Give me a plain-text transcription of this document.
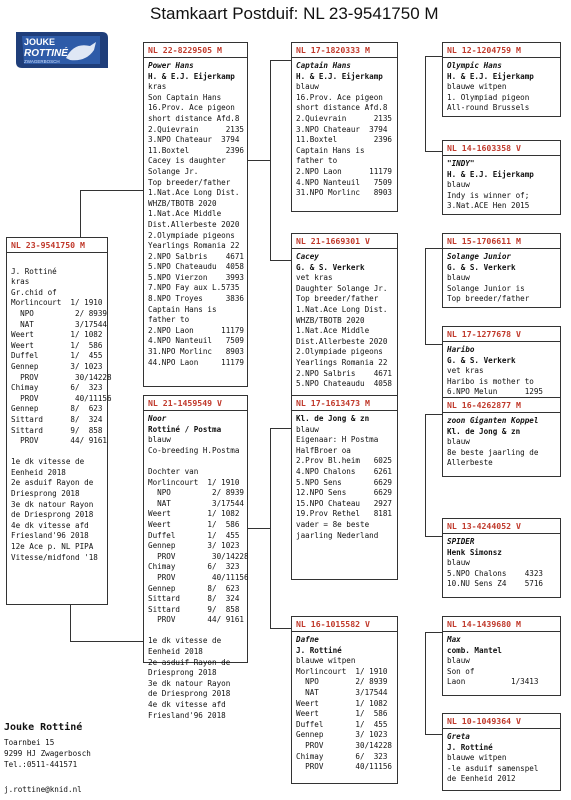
Stamkaart Postduif: NL 23-9541750 M
JOUKE
ROTTINÉ
ZWAGERBOSCH
NL 23-9541750 M

J. Rottiné
kras
Gr.chid of
Morlincourt  1/ 1910
NPO         2/ 8939
NAT         3/17544
Weert        1/ 1082
Weert        1/  586
Duffel       1/  455
Gennep       3/ 1023
PROV        30/14228
Chimay       6/  323
PROV        40/11156
Gennep       8/  623
Sittard      8/  324
Sittard      9/  858
PROV       44/ 9161

1e dk vitesse de
Eenheid 2018
2e asduif Rayon de
Driesprong 2018
3e dk natour Rayon
de Driesprong 2018
4e dk vitesse afd
Friesland'96 2018
12e Ace p. NL PIPA
Vitesse/midfond '18
NL 22-8229505 M
Power Hans
H. & E.J. Eijerkamp
kras
Son Captain Hans
16.Prov. Ace pigeon
short distance Afd.8
2.Quievrain      2135
3.NPO Chateaur  3794
11.Boxtel        2396
Cacey is daughter
Solange Jr.
Top breeder/father
1.Nat.Ace Long Dist.
WHZB/TBOTB 2020
1.Nat.Ace Middle
Dist.Allerbeste 2020
2.Olympiade pigeons
Yearlings Romania 22
2.NPO Salbris    4671
5.NPO Chateaudu  4058
5.NPO Vierzon    3993
7.NPO Fay aux L.5735
8.NPO Troyes     3836
Captain Hans is
father to
2.NPO Laon      11179
4.NPO Nanteuil   7509
31.NPO Morlinc   8903
44.NPO Laon     11179
NL 21-1459549 V
Noor
Rottiné / Postma
blauw
Co-breeding H.Postma

Dochter van
Morlincourt  1/ 1910
NPO         2/ 8939
NAT         3/17544
Weert        1/ 1082
Weert        1/  586
Duffel       1/  455
Gennep       3/ 1023
PROV        30/14228
Chimay       6/  323
PROV        40/11156
Gennep       8/  623
Sittard      8/  324
Sittard      9/  858
PROV       44/ 9161

1e dk vitesse de
Eenheid 2018
2e asduif Rayon de
Driesprong 2018
3e dk natour Rayon
de Driesprong 2018
4e dk vitesse afd
Friesland'96 2018
NL 17-1820333 M
Captain Hans
H. & E.J. Eijerkamp
blauw
16.Prov. Ace pigeon
short distance Afd.8
2.Quievrain      2135
3.NPO Chateaur  3794
11.Boxtel        2396
Captain Hans is
father to
2.NPO Laon      11179
4.NPO Nanteuil   7509
31.NPO Morlinc   8903
NL 21-1669301 V
Cacey
G. & S. Verkerk
vet kras
Daughter Solange Jr.
Top breeder/father
1.Nat.Ace Long Dist.
WHZB/TBOTB 2020
1.Nat.Ace Middle
Dist.Allerbeste 2020
2.Olympiade pigeons
Yearlings Romania 22
2.NPO Salbris    4671
5.NPO Chateaudu  4058
NL 17-1613473 M
Kl. de Jong & zn
blauw
Eigenaar: H Postma
HalfBroer oa
2.Prov Bl.heim   6025
4.NPO Chalons    6261
5.NPO Sens       6629
12.NPO Sens      6629
15.NPO Chateau   2927
19.Prov Rethel   8181
vader = 8e beste
jaarling Nederland
NL 16-1015582 V
Dafne
J. Rottiné
blauwe witpen
Morlincourt  1/ 1910
NPO        2/ 8939
NAT        3/17544
Weert        1/ 1082
Weert        1/  586
Duffel       1/  455
Gennep       3/ 1023
PROV       30/14228
Chimay       6/  323
PROV       40/11156
NL 12-1204759 M
Olympic Hans
H. & E.J. Eijerkamp
blauwe witpen
1. Olympiad pigeon
All-round Brussels
NL 14-1603358 V
"INDY"
H. & E.J. Eijerkamp
blauw
Indy is winner of;
3.Nat.ACE Hen 2015
NL 15-1706611 M
Solange Junior
G. & S. Verkerk
blauw
Solange Junior is
Top breeder/father
NL 17-1277678 V
Haribo
G. & S. Verkerk
vet kras
Haribo is mother to
6.NPO Melun      1295
NL 16-4262877 M
zoon Giganten Koppel
Kl. de Jong & zn
blauw
8e beste jaarling de
Allerbeste
NL 13-4244052 V
SPIDER
Henk Simonsz
blauw
5.NPO Chalons    4323
10.NU Sens Z4    5716
NL 14-1439680 M
Max
comb. Mantel
blauw
Son of
Laon          1/3413
NL 10-1049364 V
Greta
J. Rottiné
blauwe witpen
-le asduif samenspel
de Eenheid 2012
Jouke Rottiné
Toarnbei 15
9299 HJ Zwagerbosch
Tel.:0511-441571
j.rottine@knid.nl
